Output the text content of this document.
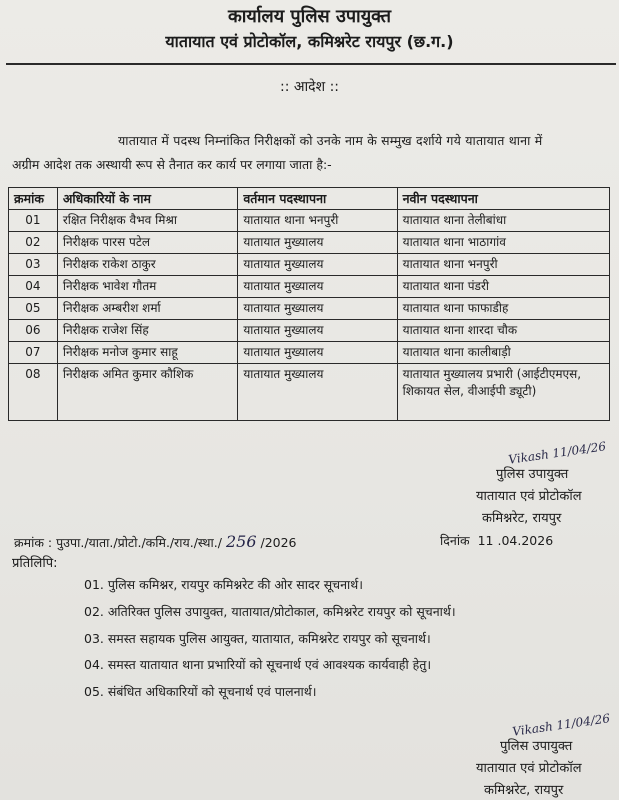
कार्यालय पुलिस उपायुक्त
यातायात एवं प्रोटोकॉल, कमिश्नरेट रायपुर (छ.ग.)
:: आदेश ::
यातायात में पदस्थ निम्नांकित निरीक्षकों को उनके नाम के सम्मुख दर्शाये गये यातायात थाना में
अग्रीम आदेश तक अस्थायी रूप से तैनात कर कार्य पर लगाया जाता है:-
क्रमांक	अधिकारियों के नाम	वर्तमान पदस्थापना	नवीन पदस्थापना
01	रक्षित निरीक्षक वैभव मिश्रा	यातायात थाना भनपुरी	यातायात थाना तेलीबांधा
02	निरीक्षक पारस पटेल	यातायात मुख्यालय	यातायात थाना भाठागांव
03	निरीक्षक राकेश ठाकुर	यातायात मुख्यालय	यातायात थाना भनपुरी
04	निरीक्षक भावेश गौतम	यातायात मुख्यालय	यातायात थाना पंडरी
05	निरीक्षक अम्बरीश शर्मा	यातायात मुख्यालय	यातायात थाना फाफाडीह
06	निरीक्षक राजेश सिंह	यातायात मुख्यालय	यातायात थाना शारदा चौक
07	निरीक्षक मनोज कुमार साहू	यातायात मुख्यालय	यातायात थाना कालीबाड़ी
08	निरीक्षक अमित कुमार कौशिक	यातायात मुख्यालय	यातायात मुख्यालय प्रभारी (आईटीएमएस, शिकायत सेल, वीआईपी ड्यूटी)
Vikash 11/04/26
पुलिस उपायुक्त
यातायात एवं प्रोटोकॉल
कमिश्नरेट, रायपुर
क्रमांक : पुउपा./याता./प्रोटो./कमि./राय./स्था./ 256 /2026	दिनांक 11 .04.2026
प्रतिलिपि:
01. पुलिस कमिश्नर, रायपुर कमिश्नरेट की ओर सादर सूचनार्थ।
02. अतिरिक्त पुलिस उपायुक्त, यातायात/प्रोटोकाल, कमिश्नरेट रायपुर को सूचनार्थ।
03. समस्त सहायक पुलिस आयुक्त, यातायात, कमिश्नरेट रायपुर को सूचनार्थ।
04. समस्त यातायात थाना प्रभारियों को सूचनार्थ एवं आवश्यक कार्यवाही हेतु।
05. संबंधित अधिकारियों को सूचनार्थ एवं पालनार्थ।
Vikash 11/04/26
पुलिस उपायुक्त
यातायात एवं प्रोटोकॉल
कमिश्नरेट, रायपुर
